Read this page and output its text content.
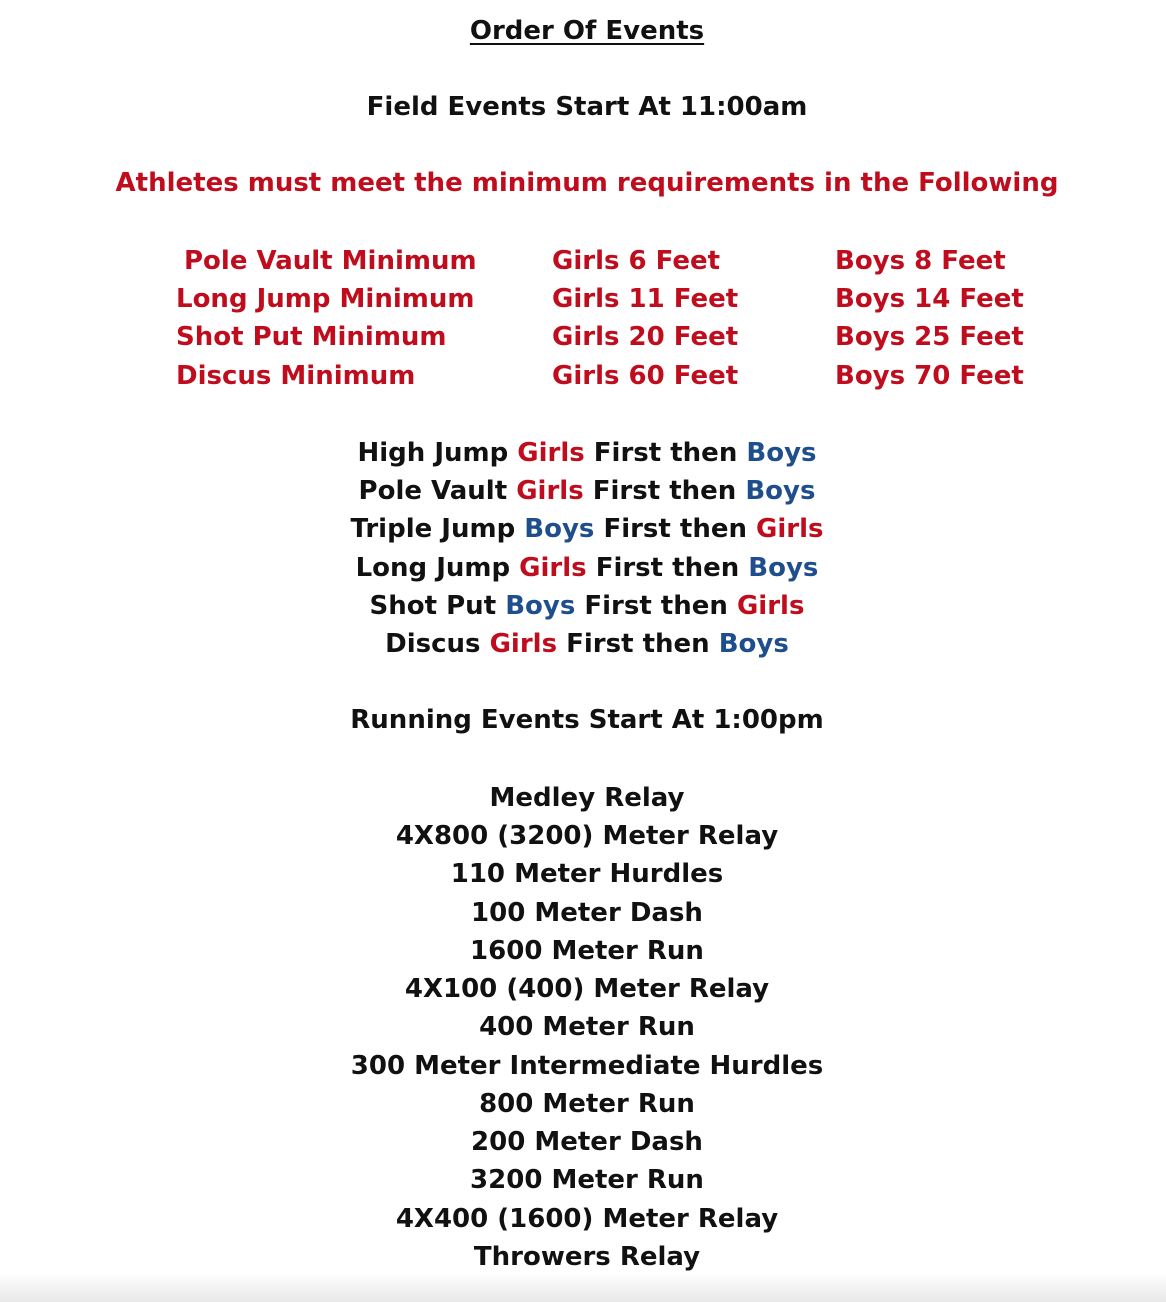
Order Of Events
Field Events Start At 11:00am
Athletes must meet the minimum requirements in the Following
Pole Vault Minimum	Girls 6 Feet	Boys 8 Feet
Long Jump Minimum	Girls 11 Feet	Boys 14 Feet
Shot Put Minimum	Girls 20 Feet	Boys 25 Feet
Discus Minimum	Girls 60 Feet	Boys 70 Feet
High Jump Girls First then Boys
Pole Vault Girls First then Boys
Triple Jump Boys First then Girls
Long Jump Girls First then Boys
Shot Put Boys First then Girls
Discus Girls First then Boys
Running Events Start At 1:00pm
Medley Relay
4X800 (3200) Meter Relay
110 Meter Hurdles
100 Meter Dash
1600 Meter Run
4X100 (400) Meter Relay
400 Meter Run
300 Meter Intermediate Hurdles
800 Meter Run
200 Meter Dash
3200 Meter Run
4X400 (1600) Meter Relay
Throwers Relay
